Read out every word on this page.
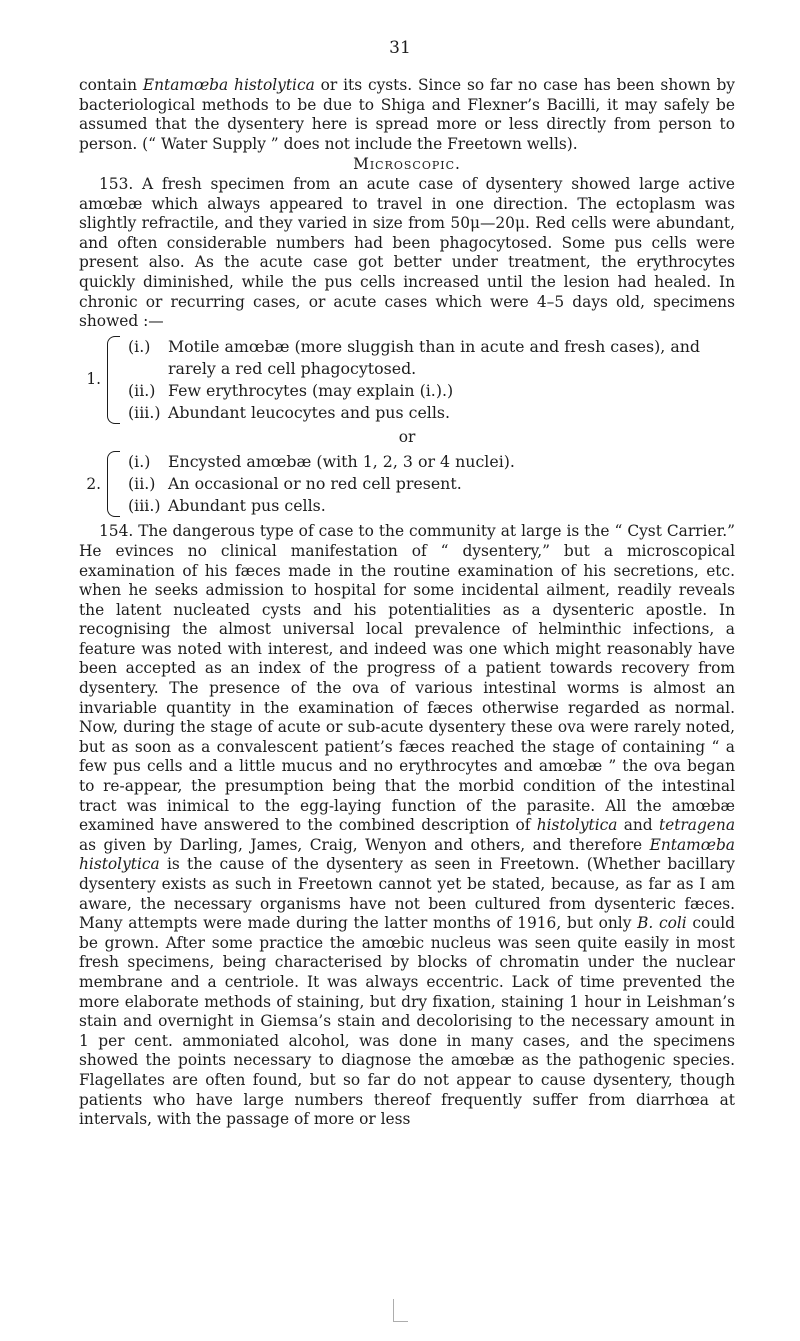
31

contain Entamœba histolytica or its cysts. Since so far no case has been shown by bacteriological methods to be due to Shiga and Flexner’s Bacilli, it may safely be assumed that the dysentery here is spread more or less directly from person to person. (“ Water Supply ” does not include the Freetown wells).

Microscopic.

153. A fresh specimen from an acute case of dysentery showed large active amœbæ which always appeared to travel in one direction. The ectoplasm was slightly refractile, and they varied in size from 50μ—20μ. Red cells were abundant, and often considerable numbers had been phagocytosed. Some pus cells were present also. As the acute case got better under treatment, the erythrocytes quickly diminished, while the pus cells increased until the lesion had healed. In chronic or recurring cases, or acute cases which were 4–5 days old, specimens showed :—

1.
(i.)	Motile amœbæ (more sluggish than in acute and fresh cases), and rarely a red cell phagocytosed.
(ii.) Few erythrocytes (may explain (i.).)
(iii.) Abundant leucocytes and pus cells.

or

2.
(i.)	Encysted amœbæ (with 1, 2, 3 or 4 nuclei).
(ii.) An occasional or no red cell present.
(iii.) Abundant pus cells.

154. The dangerous type of case to the community at large is the “ Cyst Carrier.” He evinces no clinical manifestation of “ dysentery,” but a microscopical examination of his fæces made in the routine examination of his secretions, etc. when he seeks admission to hospital for some incidental ailment, readily reveals the latent nucleated cysts and his potentialities as a dysenteric apostle. In recognising the almost universal local prevalence of helminthic infections, a feature was noted with interest, and indeed was one which might reasonably have been accepted as an index of the progress of a patient towards recovery from dysentery. The presence of the ova of various intestinal worms is almost an invariable quantity in the examination of fæces otherwise regarded as normal. Now, during the stage of acute or sub-acute dysentery these ova were rarely noted, but as soon as a convalescent patient’s fæces reached the stage of containing “ a few pus cells and a little mucus and no erythrocytes and amœbæ ” the ova began to re-appear, the presumption being that the morbid condition of the intestinal tract was inimical to the egg-laying function of the parasite. All the amœbæ examined have answered to the combined description of histolytica and tetragena as given by Darling, James, Craig, Wenyon and others, and therefore Entamœba histolytica is the cause of the dysentery as seen in Freetown. (Whether bacillary dysentery exists as such in Freetown cannot yet be stated, because, as far as I am aware, the necessary organisms have not been cultured from dysenteric fæces. Many attempts were made during the latter months of 1916, but only B. coli could be grown. After some practice the amœbic nucleus was seen quite easily in most fresh specimens, being characterised by blocks of chromatin under the nuclear membrane and a centriole. It was always eccentric. Lack of time prevented the more elaborate methods of staining, but dry fixation, staining 1 hour in Leishman’s stain and overnight in Giemsa’s stain and decolorising to the necessary amount in 1 per cent. ammoniated alcohol, was done in many cases, and the specimens showed the points necessary to diagnose the amœbæ as the pathogenic species. Flagellates are often found, but so far do not appear to cause dysentery, though patients who have large numbers thereof frequently suffer from diarrhœa at intervals, with the passage of more or less
